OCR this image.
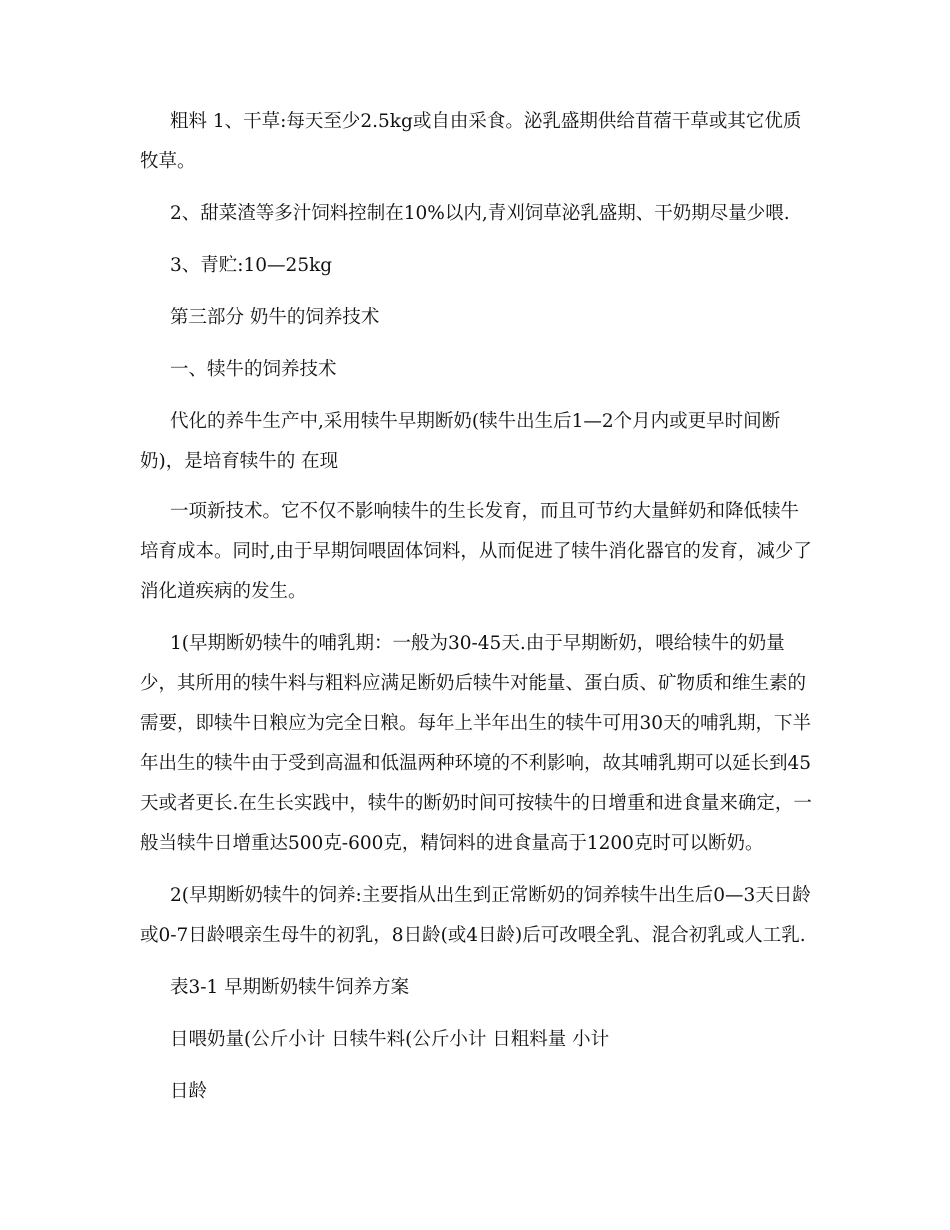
粗料 1、干草:每天至少2.5kg或自由采食。泌乳盛期供给苜蓿干草或其它优质牧草。

2、甜菜渣等多汁饲料控制在10%以内,青刈饲草泌乳盛期、干奶期尽量少喂.

3、青贮:10—25kg

第三部分 奶牛的饲养技术

一、犊牛的饲养技术

代化的养牛生产中,采用犊牛早期断奶(犊牛出生后1—2个月内或更早时间断奶)，是培育犊牛的 在现

一项新技术。它不仅不影响犊牛的生长发育，而且可节约大量鲜奶和降低犊牛培育成本。同时,由于早期饲喂固体饲料，从而促进了犊牛消化器官的发育，减少了消化道疾病的发生。

1(早期断奶犊牛的哺乳期：一般为30-45天.由于早期断奶，喂给犊牛的奶量少，其所用的犊牛料与粗料应满足断奶后犊牛对能量、蛋白质、矿物质和维生素的需要，即犊牛日粮应为完全日粮。每年上半年出生的犊牛可用30天的哺乳期，下半年出生的犊牛由于受到高温和低温两种环境的不利影响，故其哺乳期可以延长到45天或者更长.在生长实践中，犊牛的断奶时间可按犊牛的日增重和进食量来确定，一般当犊牛日增重达500克-600克，精饲料的进食量高于1200克时可以断奶。

2(早期断奶犊牛的饲养:主要指从出生到正常断奶的饲养犊牛出生后0—3天日龄或0-7日龄喂亲生母牛的初乳，8日龄(或4日龄)后可改喂全乳、混合初乳或人工乳.

表3-1 早期断奶犊牛饲养方案

日喂奶量(公斤小计 日犊牛料(公斤小计 日粗料量 小计

日龄
